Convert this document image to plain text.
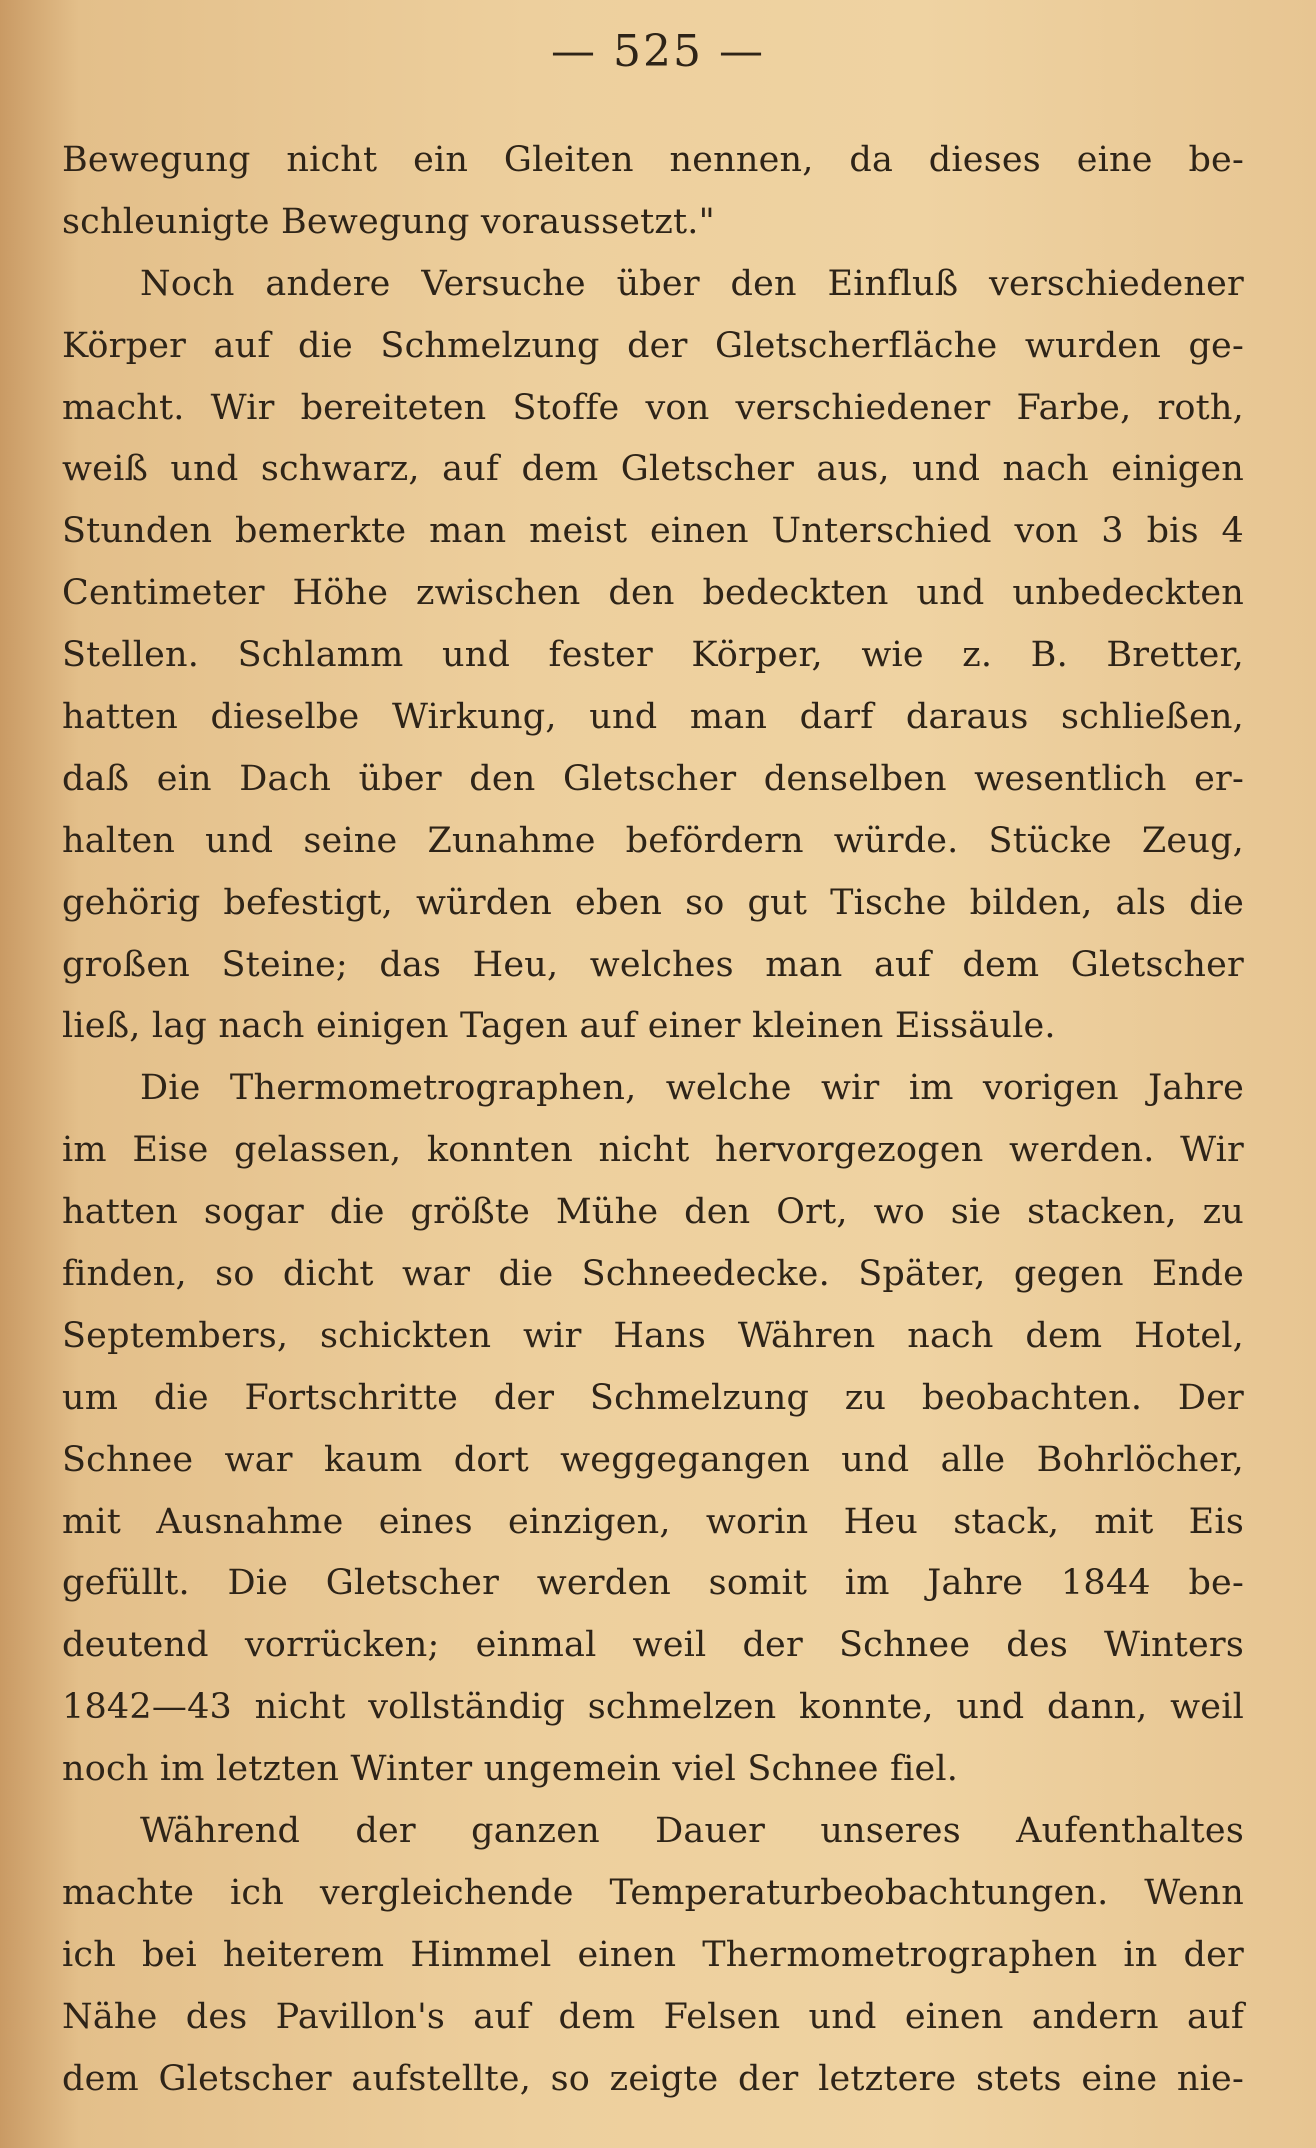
— 525 —
Bewegung nicht ein Gleiten nennen, da dieses eine be-
schleunigte Bewegung voraussetzt."
Noch andere Versuche über den Einfluß verschiedener
Körper auf die Schmelzung der Gletscherfläche wurden ge-
macht. Wir bereiteten Stoffe von verschiedener Farbe, roth,
weiß und schwarz, auf dem Gletscher aus, und nach einigen
Stunden bemerkte man meist einen Unterschied von 3 bis 4
Centimeter Höhe zwischen den bedeckten und unbedeckten
Stellen. Schlamm und fester Körper, wie z. B. Bretter,
hatten dieselbe Wirkung, und man darf daraus schließen,
daß ein Dach über den Gletscher denselben wesentlich er-
halten und seine Zunahme befördern würde. Stücke Zeug,
gehörig befestigt, würden eben so gut Tische bilden, als die
großen Steine; das Heu, welches man auf dem Gletscher
ließ, lag nach einigen Tagen auf einer kleinen Eissäule.
Die Thermometrographen, welche wir im vorigen Jahre
im Eise gelassen, konnten nicht hervorgezogen werden. Wir
hatten sogar die größte Mühe den Ort, wo sie stacken, zu
finden, so dicht war die Schneedecke. Später, gegen Ende
Septembers, schickten wir Hans Währen nach dem Hotel,
um die Fortschritte der Schmelzung zu beobachten. Der
Schnee war kaum dort weggegangen und alle Bohrlöcher,
mit Ausnahme eines einzigen, worin Heu stack, mit Eis
gefüllt. Die Gletscher werden somit im Jahre 1844 be-
deutend vorrücken; einmal weil der Schnee des Winters
1842—43 nicht vollständig schmelzen konnte, und dann, weil
noch im letzten Winter ungemein viel Schnee fiel.
Während der ganzen Dauer unseres Aufenthaltes
machte ich vergleichende Temperaturbeobachtungen. Wenn
ich bei heiterem Himmel einen Thermometrographen in der
Nähe des Pavillon's auf dem Felsen und einen andern auf
dem Gletscher aufstellte, so zeigte der letztere stets eine nie-
